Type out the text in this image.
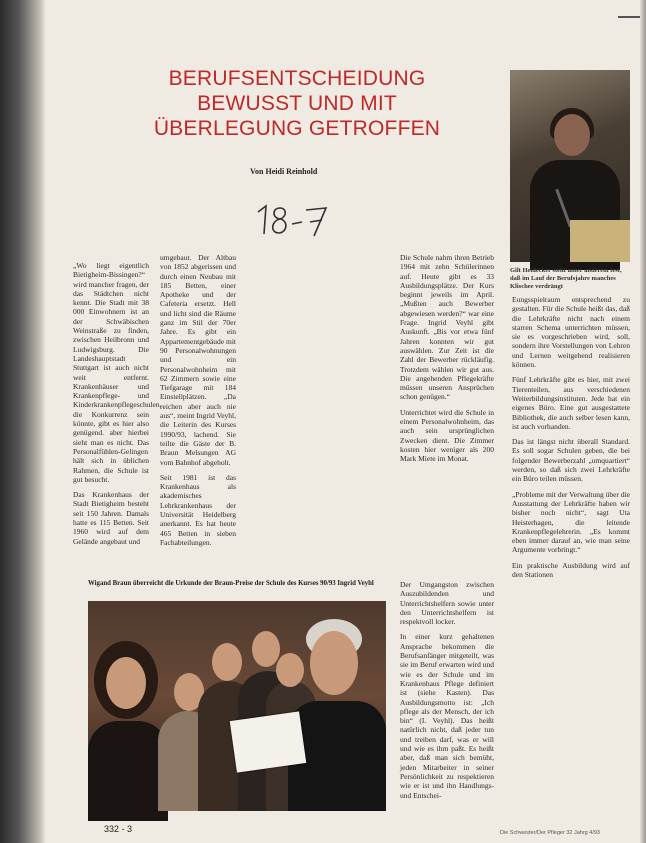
BERUFSENTSCHEIDUNG
BEWUSST UND MIT
ÜBERLEGUNG GETROFFEN
Von Heidi Reinhold
18 - 8

„Wo liegt eigentlich Bietigheim-Bissingen?“ wird mancher fragen, der das Städtchen nicht kennt. Die Stadt mit 38 000 Einwohnern ist an der Schwäbischen Weinstraße zu finden, zwischen Heilbronn und Ludwigsburg. Die Landeshauptstadt Stuttgart ist auch nicht weit entfernt. Krankenhäuser und Krankenpflege- und Kinderkrankenpflegeschulen, die Konkurrenz sein könnte, gibt es hier also genügend. aber hierbei sieht man es nicht. Das Personalfühlen-Gelingen hält sich in üblichen Rahmen, die Schule ist gut besucht.

Das Krankenhaus der Stadt Bietigheim besteht seit 150 Jahren. Damals hatte es 115 Betten. Seit 1960 wird auf dem Gelände angebaut und

umgebaut. Der Altbau von 1852 abgerissen und durch einen Neubau mit 185 Betten, einer Apotheke und der Cafeteria ersetzt. Hell und licht sind die Räume ganz im Stil der 70er Jahre. Es gibt ein Appartementgebäude mit 90 Personalwohnungen und ein Personalwohnheim mit 62 Zimmern sowie eine Tiefgarage mit 184 Einstellplätzen. „Da reichen aber auch nie aus“, meint Ingrid Veyhl, die Leiterin des Kurses 1990/93, lachend. Sie teilte die Gäste der B. Braun Melsungen AG vom Bahnhof abgeholt.

Seit 1981 ist das Krankenhaus als akademisches Lehrkrankenhaus der Universität Heidelberg anerkannt. Es hat heute 465 Betten in sieben Fachabteilungen.

Die Schule nahm ihren Betrieb 1964 mit zehn Schülerinnen auf. Heute gibt es 33 Ausbildungsplätze. Der Kurs beginnt jeweils im April. „Mußten auch Bewerber abgewiesen werden?“ war eine Frage. Ingrid Veyhl gibt Auskunft. „Bis vor etwa fünf Jahren konnten wir gut auswählen. Zur Zeit ist die Zahl der Bewerber rückläufig. Trotzdem wählen wir gut aus. Die angehenden Pflegekräfte müssen unseren Ansprüchen schon genügen.“

Unterrichtet wird die Schule in einem Personalwohnheim, das auch sein ursprünglichen Zwecken dient. Die Zimmer kosten hier weniger als 200 Mark Miete im Monat.

Der Umgangston zwischen Auszubildenden und Unterrichtshelfern sowie unter den Unterrichtshelfern ist respektvoll locker.

In einer kurz gehaltenen Ansprache bekommen die Berufsanfänger mitgeteilt, was sie im Beruf erwarten wird und wie es der Schule und im Krankenhaus Pflege definiert ist (siehe Kasten). Das Ausbildungsmotto ist: „Ich pflege als der Mensch, der ich bin“ (I. Veyhl). Das heißt natürlich nicht, daß jeder tun und treiben darf, was er will und wie es ihm paßt. Es heißt aber, daß man sich bemüht, jeden Mitarbeiter in seiner Persönlichkeit zu respektieren wie er ist und ihn Handlungs- und Entschei-

Eungsspielraum entsprechend zu gestalten. Für die Schule heißt das, daß die Lehrkräfte nicht nach einem starren Schema unterrichten müssen, sie es vorgeschrieben wird, soll, sondern ihre Vorstellungen von Lehren und Lernen weitgehend realisieren können.

Fünf Lehrkräfte gibt es hier, mit zwei Tierenteilen, aus verschiedenen Weiterbildungsinstituten. Jede hat ein eigenes Büro. Eine gut ausgestattete Bibliothek, die auch selber lesen kann, ist auch vorhanden.

Das ist längst nicht überall Standard. Es soll sogar Schulen geben, die bei folgender Bewerberzahl „umquartiert“ werden, so daß sich zwei Lehrkräfte ein Büro teilen müssen.

„Probleme mit der Verwaltung über die Ausstattung der Lehrkräfte haben wir bisher noch nicht“, sagt Uta Heisterhagen, die leitende Krankenpflegelehrerin. „Es kommt eben immer darauf an, wie man seine Argumente vorbringt.“

Ein praktische Ausbildung wird auf den Stationen

Gilt Heidecker steht unter anderem fest, daß im Lauf der Berufsjahre manches Klischee verdrängt
Wigand Braun überreicht die Urkunde der Braun-Preise der Schule des Kurses 90/93 Ingrid Veyhl
332 - 3	Die Schwester/Der Pfleger 32 Jahrg 4/93
